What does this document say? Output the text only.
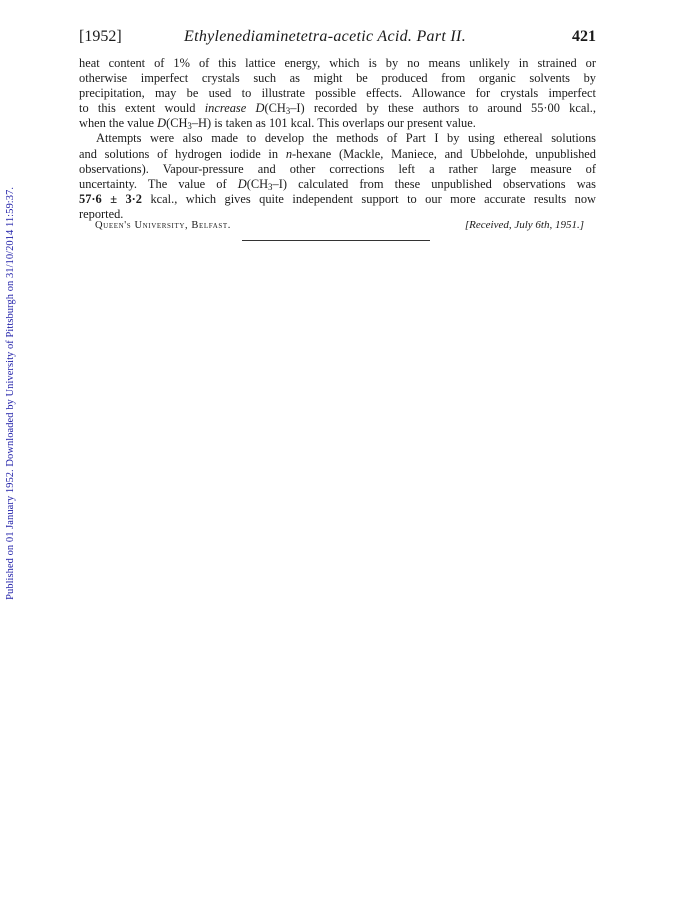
Published on 01 January 1952. Downloaded by University of Pittsburgh on 31/10/2014 11:59:37.
[1952]	Ethylenediaminetetra-acetic Acid. Part II.	421

heat content of 1% of this lattice energy, which is by no means unlikely in strained or
otherwise imperfect crystals such as might be produced from organic solvents by
precipitation, may be used to illustrate possible effects. Allowance for crystals imperfect
to this extent would increase $D(CH_3-I)$ recorded by these authors to around 55·00 kcal.,
when the value $D(CH_3-H)$ is taken as 101 kcal. This overlaps our present value.

Attempts were also made to develop the methods of Part I by using ethereal solutions
and solutions of hydrogen iodide in n-hexane (Mackle, Maniece, and Ubbelohde, unpublished
observations). Vapour-pressure and other corrections left a rather large measure of
uncertainty. The value of $D(CH_3-I)$ calculated from these unpublished observations was
57·6 ± 3·2 kcal., which gives quite independent support to our more accurate results now
reported.

Queen's University, Belfast.	[Received, July 6th, 1951.]
